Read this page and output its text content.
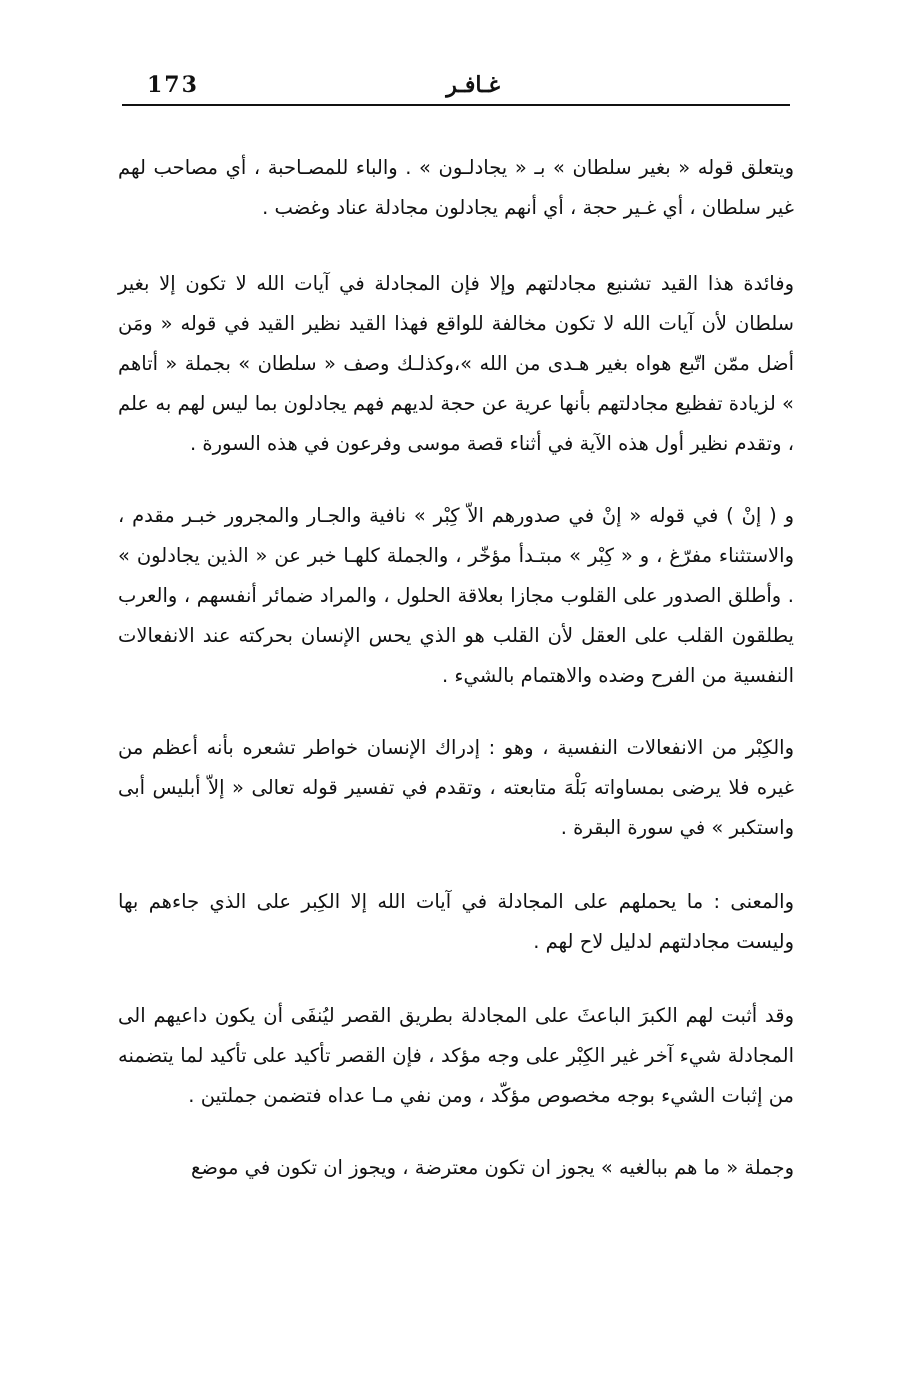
173	غـافـر

ويتعلق قوله « بغير سلطان » بـ « يجادلـون » . والباء للمصـاحبة ، أي مصاحب لهم غير سلطان ، أي غـير حجة ، أي أنهم يجادلون مجادلة عناد وغضب .

وفائدة هذا القيد تشنيع مجادلتهم وإلا فإن المجادلة في آيات الله لا تكون إلا بغير سلطان لأن آيات الله لا تكون مخالفة للواقع فهذا القيد نظير القيد في قوله « ومَن أضل ممّن اتّبع هواه بغير هـدى من الله »،وكذلـك وصف « سلطان » بجملة « أتاهم » لزيادة تفظيع مجادلتهم بأنها عرية عن حجة لديهم فهم يجادلون بما ليس لهم به علم ، وتقدم نظير أول هذه الآية في أثناء قصة موسى وفرعون في هذه السورة .

و ( إنْ ) في قوله « إنْ في صدورهم الاّ كِبْر » نافية والجـار والمجرور خبـر مقدم ، والاستثناء مفرّغ ، و « كِبْر » مبتـدأ مؤخّر ، والجملة كلهـا خبر عن « الذين يجادلون » . وأطلق الصدور على القلوب مجازا بعلاقة الحلول ، والمراد ضمائر أنفسهم ، والعرب يطلقون القلب على العقل لأن القلب هو الذي يحس الإنسان بحركته عند الانفعالات النفسية من الفرح وضده والاهتمام بالشيء .

والكِبْر من الانفعالات النفسية ، وهو : إدراك الإنسان خواطر تشعره بأنه أعظم من غيره فلا يرضى بمساواته بَلْهَ متابعته ، وتقدم في تفسير قوله تعالى « إلاّ أبليس أبى واستكبر » في سورة البقرة .

والمعنى : ما يحملهم على المجادلة في آيات الله إلا الكِبر على الذي جاءهم بها وليست مجادلتهم لدليل لاح لهم .

وقد أثبت لهم الكبرَ الباعثَ على المجادلة بطريق القصر ليُنفَى أن يكون داعيهم الى المجادلة شيء آخر غير الكِبْر على وجه مؤكد ، فإن القصر تأكيد على تأكيد لما يتضمنه من إثبات الشيء بوجه مخصوص مؤكّد ، ومن نفي مـا عداه فتضمن جملتين .

وجملة « ما هم ببالغيه » يجوز ان تكون معترضة ، ويجوز ان تكون في موضع
